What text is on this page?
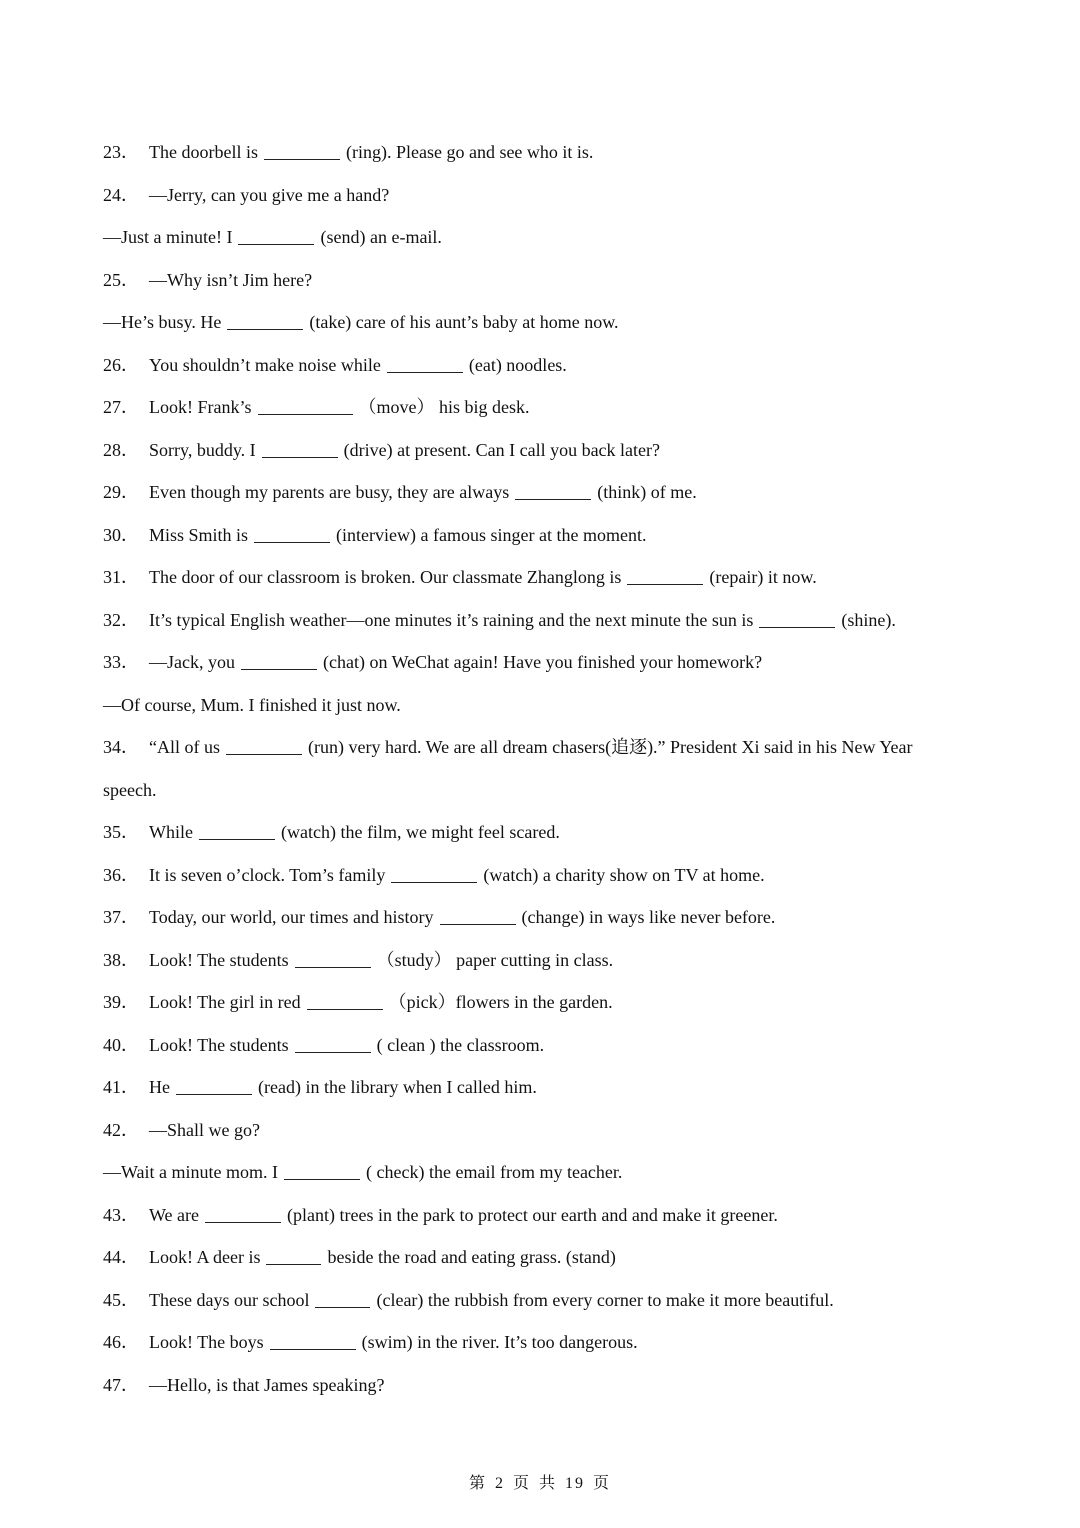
23． The doorbell is	(ring). Please go and see who it is.
24． —Jerry, can you give me a hand?
—Just a minute! I	(send) an e-mail.
25． —Why isn’t Jim here?
—He’s busy. He	(take) care of his aunt’s baby at home now.
26． You shouldn’t make noise while	(eat) noodles.
27． Look! Frank’s	（move） his big desk.
28． Sorry, buddy. I	(drive) at present. Can I call you back later?
29． Even though my parents are busy, they are always	(think) of me.
30． Miss Smith is	(interview) a famous singer at the moment.
31． The door of our classroom is broken. Our classmate Zhanglong is	(repair) it now.
32． It’s typical English weather—one minutes it’s raining and the next minute the sun is	(shine).
33． —Jack, you	(chat) on WeChat again! Have you finished your homework?
—Of course, Mum. I finished it just now.
34． “All of us	(run) very hard. We are all dream chasers(追逐).” President Xi said in his New Year
speech.
35． While	(watch) the film, we might feel scared.
36． It is seven o’clock. Tom’s family	(watch) a charity show on TV at home.
37． Today, our world, our times and history	(change) in ways like never before.
38． Look! The students	（study） paper cutting in class.
39． Look! The girl in red	（pick）flowers in the garden.
40． Look! The students	( clean ) the classroom.
41． He	(read) in the library when I called him.
42． —Shall we go?
—Wait a minute mom. I	( check) the email from my teacher.
43． We are	(plant) trees in the park to protect our earth and and make it greener.
44． Look! A deer is	beside the road and eating grass. (stand)
45． These days our school	(clear) the rubbish from every corner to make it more beautiful.
46． Look! The boys	(swim) in the river. It’s too dangerous.
47． —Hello, is that James speaking?
第 2 页 共 19 页
